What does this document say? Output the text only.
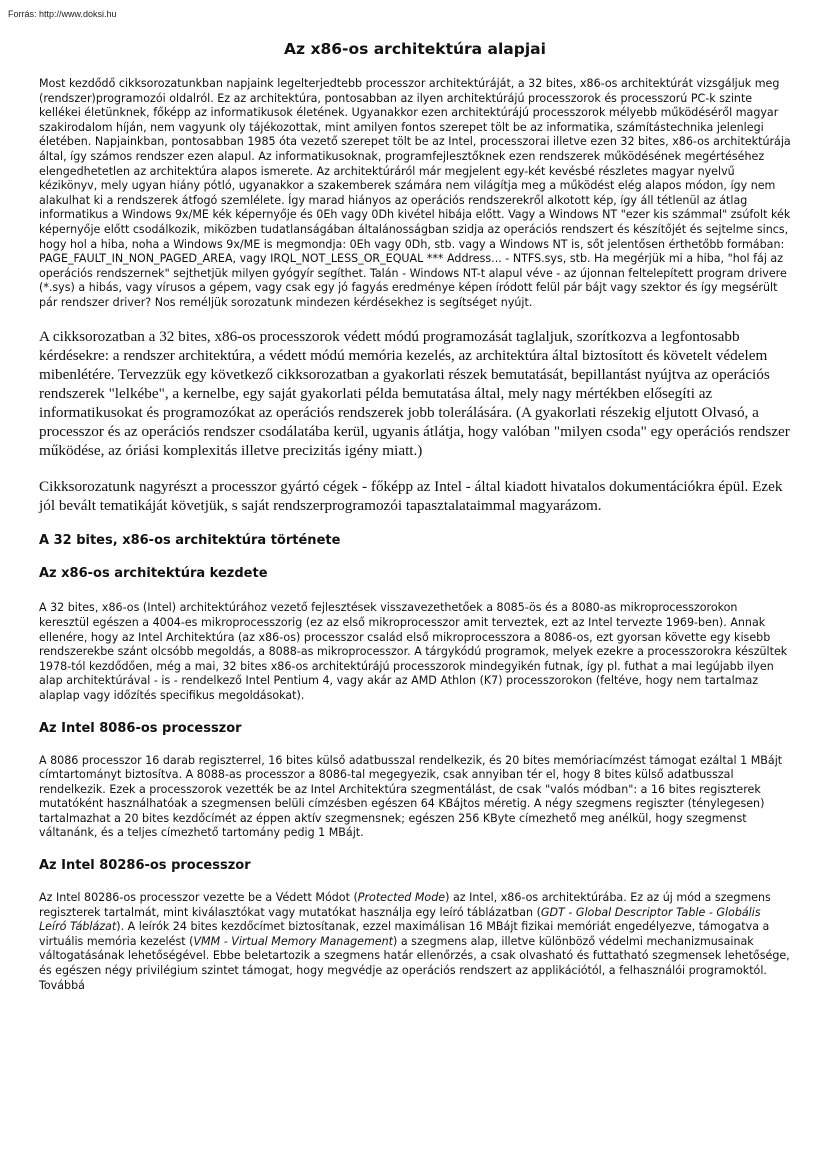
Forrás: http://www.doksi.hu
Az x86-os architektúra alapjai

Most kezdődő cikksorozatunkban napjaink legelterjedtebb processzor architektúráját, a 32 bites, x86-os architektúrát vizsgáljuk meg (rendszer)programozói oldalról. Ez az architektúra, pontosabban az ilyen architektúrájú processzorok és processzorú PC-k szinte kellékei életünknek, főképp az informatikusok életének. Ugyanakkor ezen architektúrájú processzorok mélyebb működéséről magyar szakirodalom híján, nem vagyunk oly tájékozottak, mint amilyen fontos szerepet tölt be az informatika, számítástechnika jelenlegi életében. Napjainkban, pontosabban 1985 óta vezető szerepet tölt be az Intel, processzorai illetve ezen 32 bites, x86-os architektúrája által, így számos rendszer ezen alapul. Az informatikusoknak, programfejlesztőknek ezen rendszerek működésének megértéséhez elengedhetetlen az architektúra alapos ismerete. Az architektúráról már megjelent egy-két kevésbé részletes magyar nyelvű kézikönyv, mely ugyan hiány pótló, ugyanakkor a szakemberek számára nem világítja meg a működést elég alapos módon, így nem alakulhat ki a rendszerek átfogó szemlélete. Így marad hiányos az operációs rendszerekről alkotott kép, így áll tétlenül az átlag informatikus a Windows 9x/ME kék képernyője és 0Eh vagy 0Dh kivétel hibája előtt. Vagy a Windows NT "ezer kis számmal" zsúfolt kék képernyője előtt csodálkozik, miközben tudatlanságában általánosságban szidja az operációs rendszert és készítőjét és sejtelme sincs, hogy hol a hiba, noha a Windows 9x/ME is megmondja: 0Eh vagy 0Dh, stb. vagy a Windows NT is, sőt jelentősen érthetőbb formában: PAGE_FAULT_IN_NON_PAGED_AREA, vagy IRQL_NOT_LESS_OR_EQUAL *** Address... - NTFS.sys, stb. Ha megérjük mi a hiba, "hol fáj az operációs rendszernek" sejthetjük milyen gyógyír segíthet. Talán - Windows NT-t alapul véve - az újonnan feltelepített program drivere (*.sys) a hibás, vagy vírusos a gépem, vagy csak egy jó fagyás eredménye képen íródott felül pár bájt vagy szektor és így megsérült pár rendszer driver? Nos reméljük sorozatunk mindezen kérdésekhez is segítséget nyújt.

A cikksorozatban a 32 bites, x86-os processzorok védett módú programozását taglaljuk, szorítkozva a legfontosabb kérdésekre: a rendszer architektúra, a védett módú memória kezelés, az architektúra által biztosított és követelt védelem mibenlétére. Tervezzük egy következő cikksorozatban a gyakorlati részek bemutatását, bepillantást nyújtva az operációs rendszerek "lelkébe", a kernelbe, egy saját gyakorlati példa bemutatása által, mely nagy mértékben elősegíti az informatikusokat és programozókat az operációs rendszerek jobb tolerálására. (A gyakorlati részekig eljutott Olvasó, a processzor és az operációs rendszer csodálatába kerül, ugyanis átlátja, hogy valóban "milyen csoda" egy operációs rendszer működése, az óriási komplexitás illetve precizitás igény miatt.)

Cikksorozatunk nagyrészt a processzor gyártó cégek - főképp az Intel - által kiadott hivatalos dokumentációkra épül. Ezek jól bevált tematikáját követjük, s saját rendszerprogramozói tapasztalataimmal magyarázom.

A 32 bites, x86-os architektúra története
Az x86-os architektúra kezdete

A 32 bites, x86-os (Intel) architektúrához vezető fejlesztések visszavezethetőek a 8085-ös és a 8080-as mikroprocesszorokon keresztül egészen a 4004-es mikroprocesszorig (ez az első mikroprocesszor amit terveztek, ezt az Intel tervezte 1969-ben). Annak ellenére, hogy az Intel Architektúra (az x86-os) processzor család első mikroprocesszora a 8086-os, ezt gyorsan követte egy kisebb rendszerekbe szánt olcsóbb megoldás, a 8088-as mikroprocesszor. A tárgykódú programok, melyek ezekre a processzorokra készültek 1978-tól kezdődően, még a mai, 32 bites x86-os architektúrájú processzorok mindegyikén futnak, így pl. futhat a mai legújabb ilyen alap architektúrával - is - rendelkező Intel Pentium 4, vagy akár az AMD Athlon (K7) processzorokon (feltéve, hogy nem tartalmaz alaplap vagy időzítés specifikus megoldásokat).

Az Intel 8086-os processzor

A 8086 processzor 16 darab regiszterrel, 16 bites külső adatbusszal rendelkezik, és 20 bites memóriacímzést támogat ezáltal 1 MBájt címtartományt biztosítva. A 8088-as processzor a 8086-tal megegyezik, csak annyiban tér el, hogy 8 bites külső adatbusszal rendelkezik. Ezek a processzorok vezették be az Intel Architektúra szegmentálást, de csak "valós módban": a 16 bites regiszterek mutatóként használhatóak a szegmensen belüli címzésben egészen 64 KBájtos méretig. A négy szegmens regiszter (ténylegesen) tartalmazhat a 20 bites kezdőcímét az éppen aktív szegmensnek; egészen 256 KByte címezhető meg anélkül, hogy szegmenst váltanánk, és a teljes címezhető tartomány pedig 1 MBájt.

Az Intel 80286-os processzor

Az Intel 80286-os processzor vezette be a Védett Módot (Protected Mode) az Intel, x86-os architektúrába. Ez az új mód a szegmens regiszterek tartalmát, mint kiválasztókat vagy mutatókat használja egy leíró táblázatban (GDT - Global Descriptor Table - Globális Leíró Táblázat). A leírók 24 bites kezdőcímet biztosítanak, ezzel maximálisan 16 MBájt fizikai memóriát engedélyezve, támogatva a virtuális memória kezelést (VMM - Virtual Memory Management) a szegmens alap, illetve különböző védelmi mechanizmusainak váltogatásának lehetőségével. Ebbe beletartozik a szegmens határ ellenőrzés, a csak olvasható és futtatható szegmensek lehetősége, és egészen négy privilégium szintet támogat, hogy megvédje az operációs rendszert az applikációtól, a felhasználói programoktól. Továbbá
